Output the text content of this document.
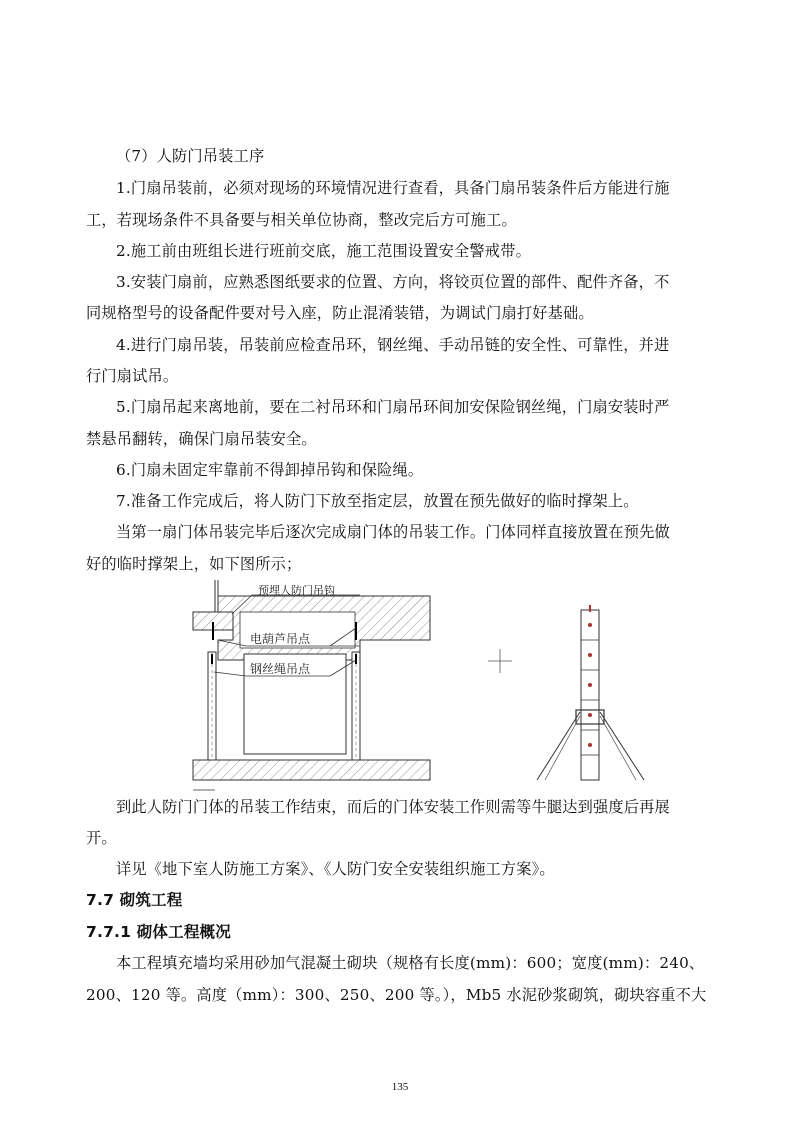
（7）人防门吊装工序
1.门扇吊装前，必须对现场的环境情况进行查看，具备门扇吊装条件后方能进行施
工，若现场条件不具备要与相关单位协商，整改完后方可施工。
2.施工前由班组长进行班前交底，施工范围设置安全警戒带。
3.安装门扇前，应熟悉图纸要求的位置、方向，将铰页位置的部件、配件齐备，不
同规格型号的设备配件要对号入座，防止混淆装错，为调试门扇打好基础。
4.进行门扇吊装，吊装前应检查吊环，钢丝绳、手动吊链的安全性、可靠性，并进
行门扇试吊。
5.门扇吊起来离地前，要在二衬吊环和门扇吊环间加安保险钢丝绳，门扇安装时严
禁悬吊翻转，确保门扇吊装安全。
6.门扇未固定牢靠前不得卸掉吊钩和保险绳。
7.准备工作完成后，将人防门下放至指定层，放置在预先做好的临时撑架上。
当第一扇门体吊装完毕后逐次完成扇门体的吊装工作。门体同样直接放置在预先做
好的临时撑架上，如下图所示；
预埋人防门吊钩
电葫芦吊点
钢丝绳吊点
到此人防门门体的吊装工作结束，而后的门体安装工作则需等牛腿达到强度后再展
开。
详见《地下室人防施工方案》、《人防门安全安装组织施工方案》。
7.7 砌筑工程
7.7.1 砌体工程概况
本工程填充墙均采用砂加气混凝土砌块（规格有长度(mm)：600；宽度(mm)：240、
200、120 等。高度（mm）：300、250、200 等。），Mb5 水泥砂浆砌筑，砌块容重不大
135
